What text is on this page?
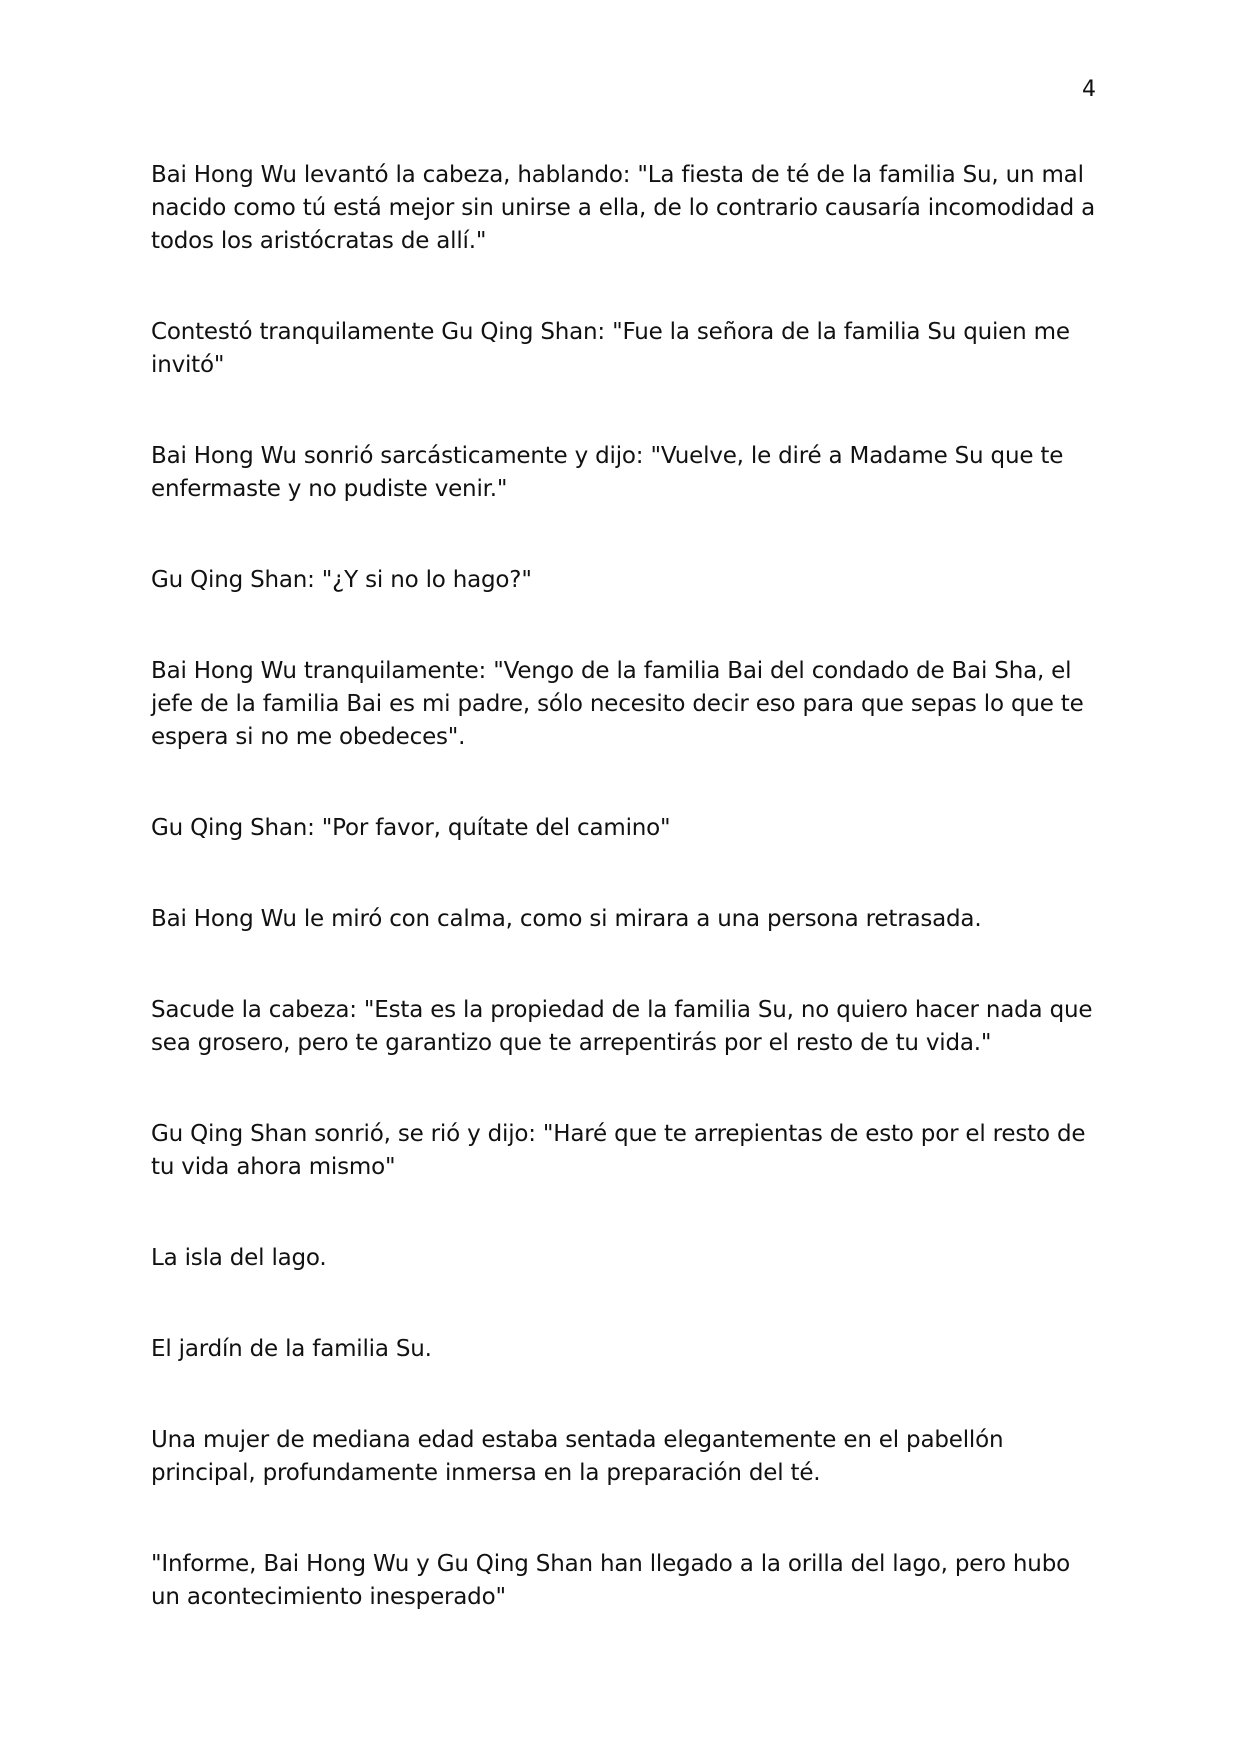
4

Bai Hong Wu levantó la cabeza, hablando: "La fiesta de té de la familia Su, un mal nacido como tú está mejor sin unirse a ella, de lo contrario causaría incomodidad a todos los aristócratas de allí."

Contestó tranquilamente Gu Qing Shan: "Fue la señora de la familia Su quien me invitó"

Bai Hong Wu sonrió sarcásticamente y dijo: "Vuelve, le diré a Madame Su que te enfermaste y no pudiste venir."

Gu Qing Shan: "¿Y si no lo hago?"

Bai Hong Wu tranquilamente: "Vengo de la familia Bai del condado de Bai Sha, el jefe de la familia Bai es mi padre, sólo necesito decir eso para que sepas lo que te espera si no me obedeces".

Gu Qing Shan: "Por favor, quítate del camino"

Bai Hong Wu le miró con calma, como si mirara a una persona retrasada.

Sacude la cabeza: "Esta es la propiedad de la familia Su, no quiero hacer nada que sea grosero, pero te garantizo que te arrepentirás por el resto de tu vida."

Gu Qing Shan sonrió, se rió y dijo: "Haré que te arrepientas de esto por el resto de tu vida ahora mismo"

La isla del lago.

El jardín de la familia Su.

Una mujer de mediana edad estaba sentada elegantemente en el pabellón principal, profundamente inmersa en la preparación del té.

"Informe, Bai Hong Wu y Gu Qing Shan han llegado a la orilla del lago, pero hubo un acontecimiento inesperado"
